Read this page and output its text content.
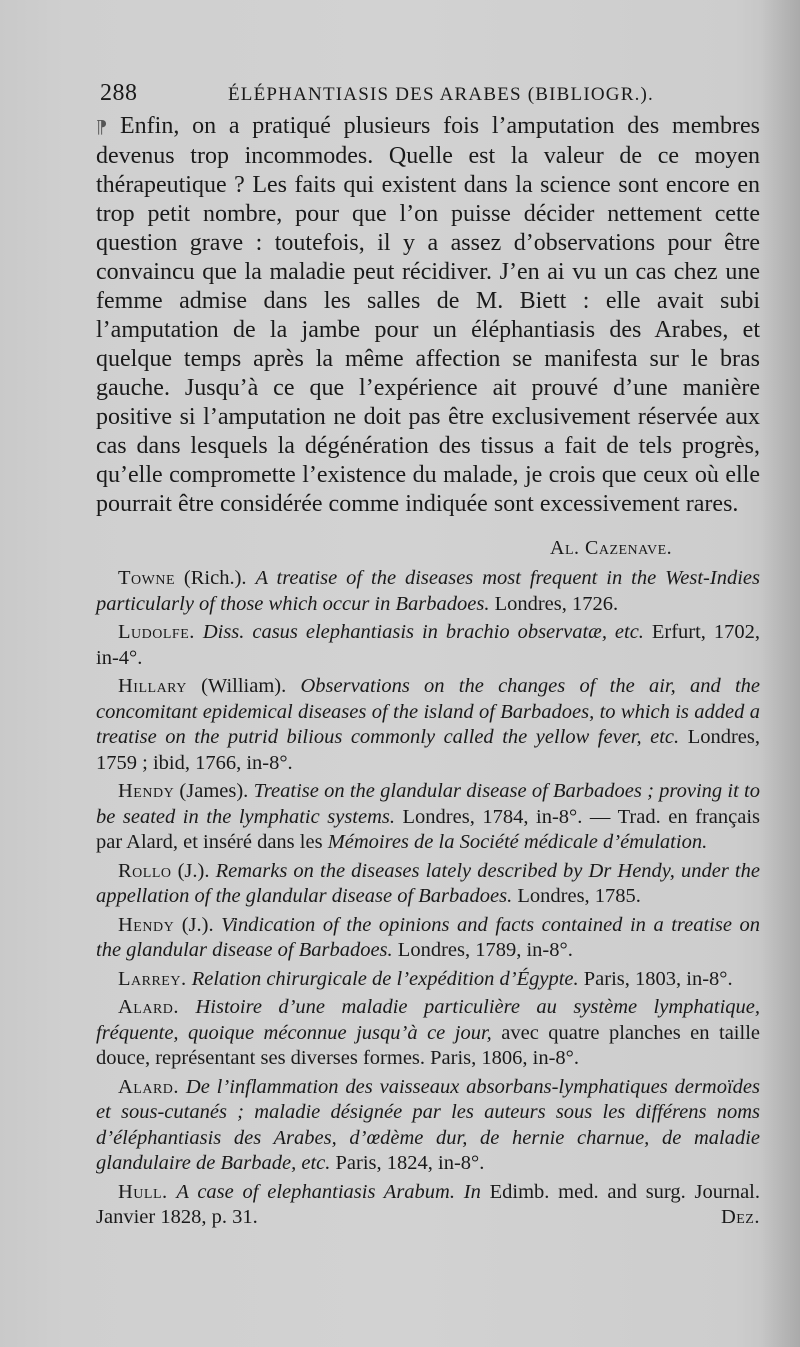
288	ÉLÉPHANTIASIS DES ARABES (BIBLIOGR.).
⁋ Enfin, on a pratiqué plusieurs fois l’amputation des membres devenus trop incommodes. Quelle est la valeur de ce moyen thérapeutique ? Les faits qui existent dans la science sont encore en trop petit nombre, pour que l’on puisse décider nettement cette question grave : toutefois, il y a assez d’observations pour être convaincu que la maladie peut récidiver. J’en ai vu un cas chez une femme admise dans les salles de M. Biett : elle avait subi l’amputation de la jambe pour un éléphantiasis des Arabes, et quelque temps après la même affection se manifesta sur le bras gauche. Jusqu’à ce que l’expérience ait prouvé d’une manière positive si l’amputation ne doit pas être exclusivement réservée aux cas dans lesquels la dégénération des tissus a fait de tels progrès, qu’elle compromette l’existence du malade, je crois que ceux où elle pourrait être considérée comme indiquée sont excessivement rares.
Al. Cazenave.

Towne (Rich.). A treatise of the diseases most frequent in the West-Indies particularly of those which occur in Barbadoes. Londres, 1726.

Ludolfe. Diss. casus elephantiasis in brachio observatæ, etc. Erfurt, 1702, in-4°.

Hillary (William). Observations on the changes of the air, and the concomitant epidemical diseases of the island of Barbadoes, to which is added a treatise on the putrid bilious commonly called the yellow fever, etc. Londres, 1759 ; ibid, 1766, in-8°.

Hendy (James). Treatise on the glandular disease of Barbadoes ; proving it to be seated in the lymphatic systems. Londres, 1784, in-8°. — Trad. en français par Alard, et inséré dans les Mémoires de la Société médicale d’émulation.

Rollo (J.). Remarks on the diseases lately described by Dr Hendy, under the appellation of the glandular disease of Barbadoes. Londres, 1785.

Hendy (J.). Vindication of the opinions and facts contained in a treatise on the glandular disease of Barbadoes. Londres, 1789, in-8°.

Larrey. Relation chirurgicale de l’expédition d’Égypte. Paris, 1803, in-8°.

Alard. Histoire d’une maladie particulière au système lymphatique, fréquente, quoique méconnue jusqu’à ce jour, avec quatre planches en taille douce, représentant ses diverses formes. Paris, 1806, in-8°.

Alard. De l’inflammation des vaisseaux absorbans-lymphatiques dermoïdes et sous-cutanés ; maladie désignée par les auteurs sous les différens noms d’éléphantiasis des Arabes, d’œdème dur, de hernie charnue, de maladie glandulaire de Barbade, etc. Paris, 1824, in-8°.

Hull. A case of elephantiasis Arabum. In Edimb. med. and surg. Journal. Janvier 1828, p. 31.	Dez.
